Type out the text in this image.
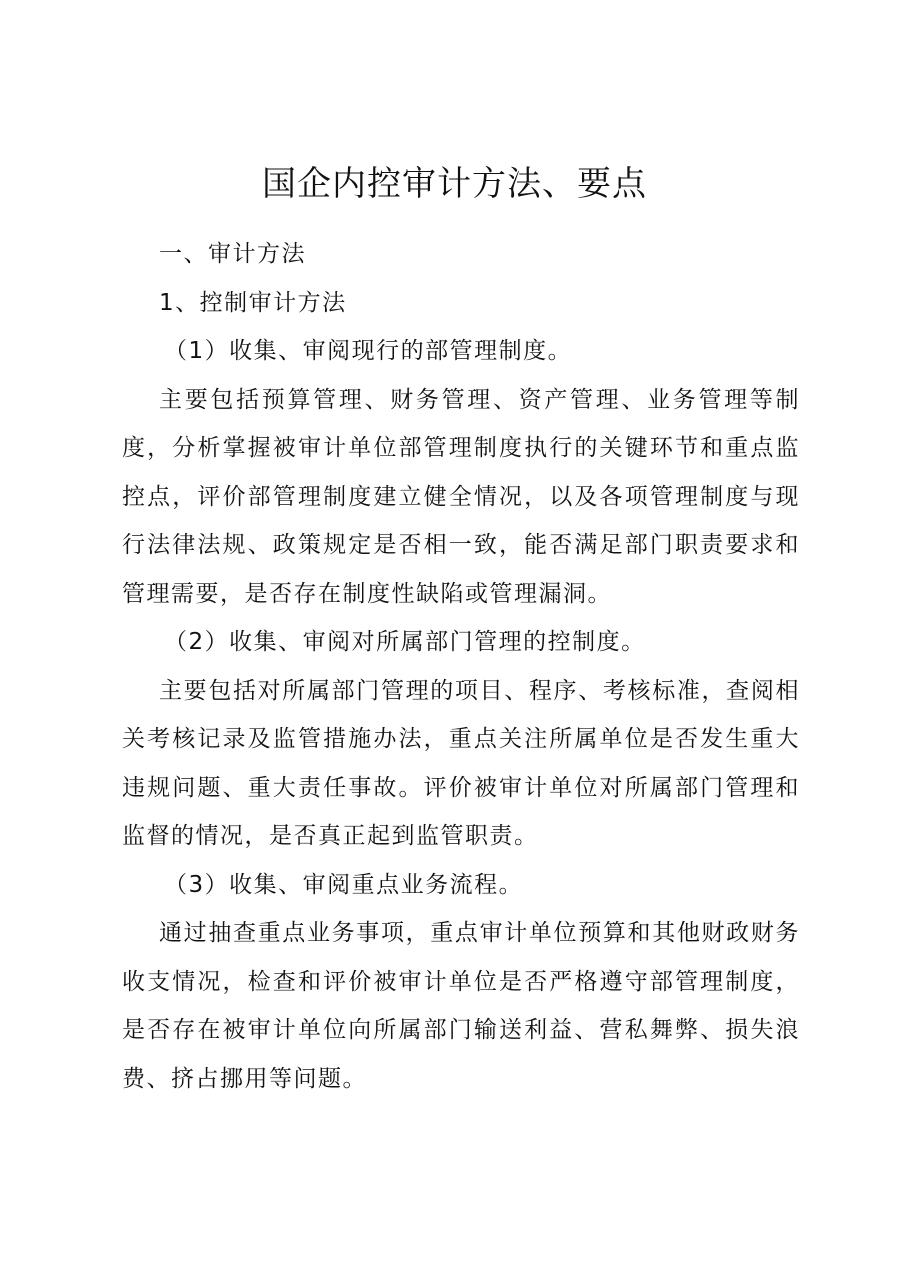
国企内控审计方法、要点

一、审计方法

1、控制审计方法

（1）收集、审阅现行的部管理制度。

主要包括预算管理、财务管理、资产管理、业务管理等制度，分析掌握被审计单位部管理制度执行的关键环节和重点监控点，评价部管理制度建立健全情况，以及各项管理制度与现行法律法规、政策规定是否相一致，能否满足部门职责要求和管理需要，是否存在制度性缺陷或管理漏洞。

（2）收集、审阅对所属部门管理的控制度。

主要包括对所属部门管理的项目、程序、考核标准，查阅相关考核记录及监管措施办法，重点关注所属单位是否发生重大违规问题、重大责任事故。评价被审计单位对所属部门管理和监督的情况，是否真正起到监管职责。

（3）收集、审阅重点业务流程。

通过抽查重点业务事项，重点审计单位预算和其他财政财务收支情况，检查和评价被审计单位是否严格遵守部管理制度，是否存在被审计单位向所属部门输送利益、营私舞弊、损失浪费、挤占挪用等问题。
